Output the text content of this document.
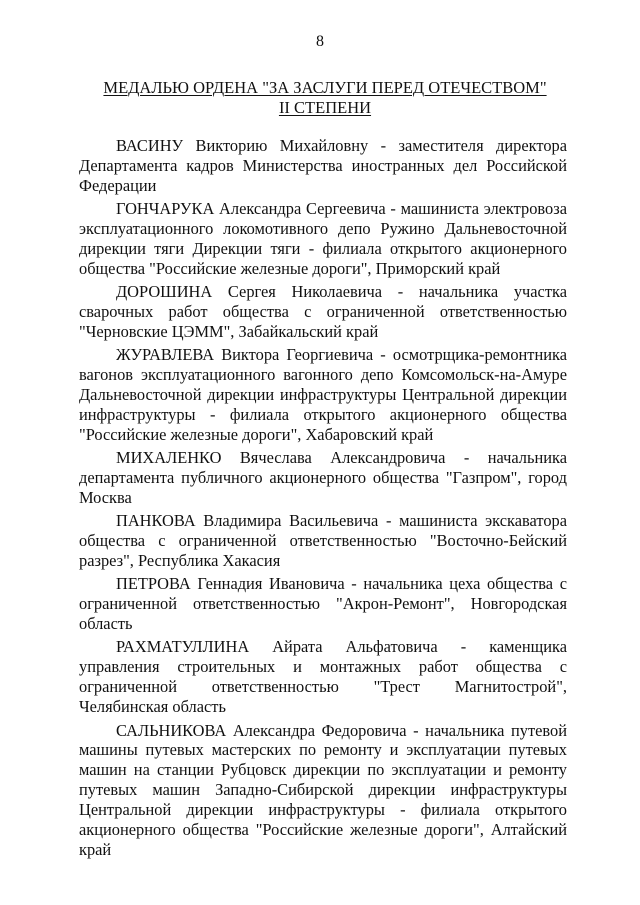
8
МЕДАЛЬЮ ОРДЕНА "ЗА ЗАСЛУГИ ПЕРЕД ОТЕЧЕСТВОМ"
II СТЕПЕНИ
ВАСИНУ Викторию Михайловну - заместителя директора Департамента кадров Министерства иностранных дел Российской Федерации
ГОНЧАРУКА Александра Сергеевича - машиниста электровоза эксплуатационного локомотивного депо Ружино Дальневосточной дирекции тяги Дирекции тяги - филиала открытого акционерного общества "Российские железные дороги", Приморский край
ДОРОШИНА Сергея Николаевича - начальника участка сварочных работ общества с ограниченной ответственностью "Черновские ЦЭММ", Забайкальский край
ЖУРАВЛЕВА Виктора Георгиевича - осмотрщика-ремонтника вагонов эксплуатационного вагонного депо Комсомольск-на-Амуре Дальневосточной дирекции инфраструктуры Центральной дирекции инфраструктуры - филиала открытого акционерного общества "Российские железные дороги", Хабаровский край
МИХАЛЕНКО Вячеслава Александровича - начальника департамента публичного акционерного общества "Газпром", город Москва
ПАНКОВА Владимира Васильевича - машиниста экскаватора общества с ограниченной ответственностью "Восточно-Бейский разрез", Республика Хакасия
ПЕТРОВА Геннадия Ивановича - начальника цеха общества с ограниченной ответственностью "Акрон-Ремонт", Новгородская область
РАХМАТУЛЛИНА Айрата Альфатовича - каменщика управления строительных и монтажных работ общества с ограниченной ответственностью "Трест Магнитострой", Челябинская область
САЛЬНИКОВА Александра Федоровича - начальника путевой машины путевых мастерских по ремонту и эксплуатации путевых машин на станции Рубцовск дирекции по эксплуатации и ремонту путевых машин Западно-Сибирской дирекции инфраструктуры Центральной дирекции инфраструктуры - филиала открытого акционерного общества "Российские железные дороги", Алтайский край
